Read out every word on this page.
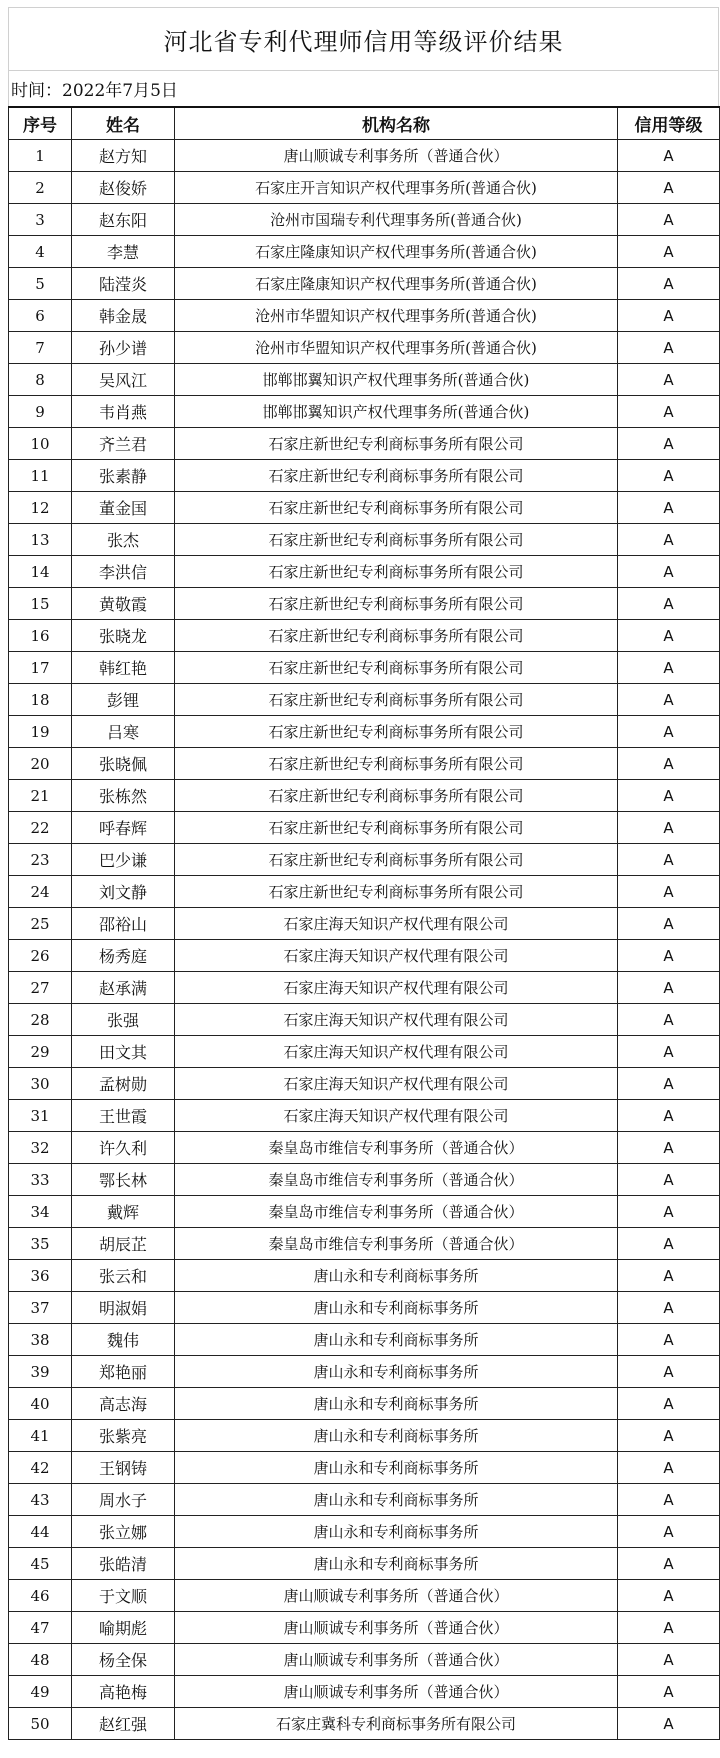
河北省专利代理师信用等级评价结果
时间：2022年7月5日
序号	姓名	机构名称	信用等级
1	赵方知	唐山顺诚专利事务所（普通合伙）	A
2	赵俊娇	石家庄开言知识产权代理事务所(普通合伙)	A
3	赵东阳	沧州市国瑞专利代理事务所(普通合伙)	A
4	李慧	石家庄隆康知识产权代理事务所(普通合伙)	A
5	陆滢炎	石家庄隆康知识产权代理事务所(普通合伙)	A
6	韩金晟	沧州市华盟知识产权代理事务所(普通合伙)	A
7	孙少谱	沧州市华盟知识产权代理事务所(普通合伙)	A
8	吴风江	邯郸邯翼知识产权代理事务所(普通合伙)	A
9	韦肖燕	邯郸邯翼知识产权代理事务所(普通合伙)	A
10	齐兰君	石家庄新世纪专利商标事务所有限公司	A
11	张素静	石家庄新世纪专利商标事务所有限公司	A
12	董金国	石家庄新世纪专利商标事务所有限公司	A
13	张杰	石家庄新世纪专利商标事务所有限公司	A
14	李洪信	石家庄新世纪专利商标事务所有限公司	A
15	黄敬霞	石家庄新世纪专利商标事务所有限公司	A
16	张晓龙	石家庄新世纪专利商标事务所有限公司	A
17	韩红艳	石家庄新世纪专利商标事务所有限公司	A
18	彭锂	石家庄新世纪专利商标事务所有限公司	A
19	吕寒	石家庄新世纪专利商标事务所有限公司	A
20	张晓佩	石家庄新世纪专利商标事务所有限公司	A
21	张栋然	石家庄新世纪专利商标事务所有限公司	A
22	呼春辉	石家庄新世纪专利商标事务所有限公司	A
23	巴少谦	石家庄新世纪专利商标事务所有限公司	A
24	刘文静	石家庄新世纪专利商标事务所有限公司	A
25	邵裕山	石家庄海天知识产权代理有限公司	A
26	杨秀庭	石家庄海天知识产权代理有限公司	A
27	赵承满	石家庄海天知识产权代理有限公司	A
28	张强	石家庄海天知识产权代理有限公司	A
29	田文其	石家庄海天知识产权代理有限公司	A
30	孟树勋	石家庄海天知识产权代理有限公司	A
31	王世霞	石家庄海天知识产权代理有限公司	A
32	许久利	秦皇岛市维信专利事务所（普通合伙）	A
33	鄂长林	秦皇岛市维信专利事务所（普通合伙）	A
34	戴辉	秦皇岛市维信专利事务所（普通合伙）	A
35	胡辰芷	秦皇岛市维信专利事务所（普通合伙）	A
36	张云和	唐山永和专利商标事务所	A
37	明淑娟	唐山永和专利商标事务所	A
38	魏伟	唐山永和专利商标事务所	A
39	郑艳丽	唐山永和专利商标事务所	A
40	高志海	唐山永和专利商标事务所	A
41	张紫亮	唐山永和专利商标事务所	A
42	王钢铸	唐山永和专利商标事务所	A
43	周水子	唐山永和专利商标事务所	A
44	张立娜	唐山永和专利商标事务所	A
45	张皓清	唐山永和专利商标事务所	A
46	于文顺	唐山顺诚专利事务所（普通合伙）	A
47	喻期彪	唐山顺诚专利事务所（普通合伙）	A
48	杨全保	唐山顺诚专利事务所（普通合伙）	A
49	高艳梅	唐山顺诚专利事务所（普通合伙）	A
50	赵红强	石家庄冀科专利商标事务所有限公司	A
